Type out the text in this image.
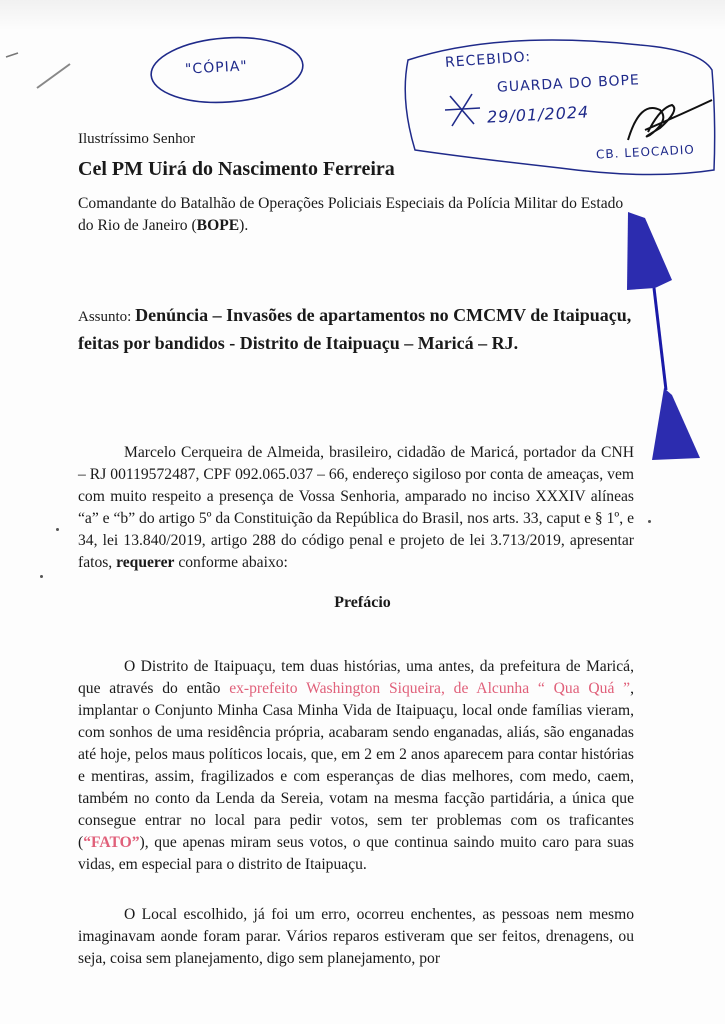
"CÓPIA"	RECEBIDO:
GUARDA DO BOPE
29/01/2024
CB. LEOCADIO
Ilustríssimo Senhor
Cel PM Uirá do Nascimento Ferreira
Comandante do Batalhão de Operações Policiais Especiais da Polícia Militar do Estado do Rio de Janeiro (BOPE).
Assunto: Denúncia – Invasões de apartamentos no CMCMV de Itaipuaçu, feitas por bandidos - Distrito de Itaipuaçu – Maricá – RJ.
Marcelo Cerqueira de Almeida, brasileiro, cidadão de Maricá, portador da CNH – RJ 00119572487, CPF 092.065.037 – 66, endereço sigiloso por conta de ameaças, vem com muito respeito a presença de Vossa Senhoria, amparado no inciso XXXIV alíneas “a” e “b” do artigo 5º da Constituição da República do Brasil, nos arts. 33, caput e § 1º, e 34, lei 13.840/2019, artigo 288 do código penal e projeto de lei 3.713/2019, apresentar fatos, requerer conforme abaixo:
Prefácio
O Distrito de Itaipuaçu, tem duas histórias, uma antes, da prefeitura de Maricá, que através do então ex-prefeito Washington Siqueira, de Alcunha “ Qua Quá ”, implantar o Conjunto Minha Casa Minha Vida de Itaipuaçu, local onde famílias vieram, com sonhos de uma residência própria, acabaram sendo enganadas, aliás, são enganadas até hoje, pelos maus políticos locais, que, em 2 em 2 anos aparecem para contar histórias e mentiras, assim, fragilizados e com esperanças de dias melhores, com medo, caem, também no conto da Lenda da Sereia, votam na mesma facção partidária, a única que consegue entrar no local para pedir votos, sem ter problemas com os traficantes (“FATO”), que apenas miram seus votos, o que continua saindo muito caro para suas vidas, em especial para o distrito de Itaipuaçu.
O Local escolhido, já foi um erro, ocorreu enchentes, as pessoas nem mesmo imaginavam aonde foram parar. Vários reparos estiveram que ser feitos, drenagens, ou seja, coisa sem planejamento, digo sem planejamento, por
